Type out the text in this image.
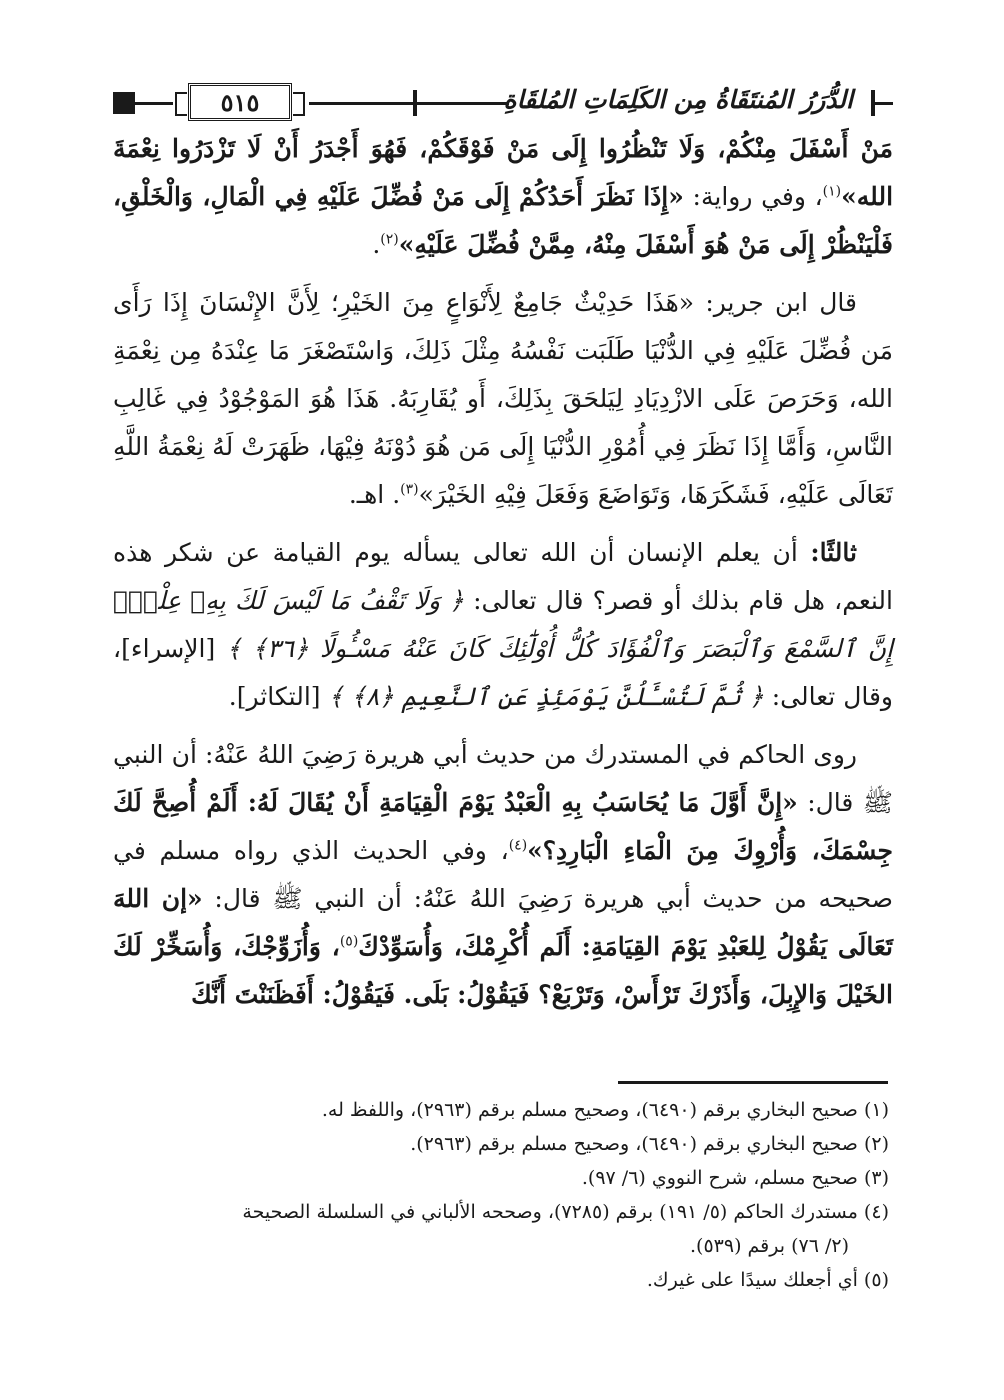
٥١٥	الدُّرَرُ المُنتَقَاةُ مِن الكَلِمَاتِ المُلقَاةِ

مَنْ أَسْفَلَ مِنْكُمْ، وَلَا تَنْظُرُوا إِلَى مَنْ فَوْقَكُمْ، فَهُوَ أَجْدَرُ أَنْ لَا تَزْدَرُوا نِعْمَةَ الله»$^{(١)}$، وفي رواية: «إِذَا نَظَرَ أَحَدُكُمْ إِلَى مَنْ فُضِّلَ عَلَيْهِ فِي الْمَالِ، وَالْخَلْقِ، فَلْيَنْظُرْ إِلَى مَنْ هُوَ أَسْفَلَ مِنْهُ، مِمَّنْ فُضِّلَ عَلَيْهِ»$^{(٢)}$.

قال ابن جرير: «هَذَا حَدِيْثٌ جَامِعٌ لِأَنْوَاعٍ مِنَ الخَيْرِ؛ لِأَنَّ الإِنْسَانَ إِذَا رَأَى مَن فُضِّلَ عَلَيْهِ فِي الدُّنْيَا طَلَبَت نَفْسُهُ مِثْلَ ذَلِكَ، وَاسْتَصْغَرَ مَا عِنْدَهُ مِن نِعْمَةِ الله، وَحَرَصَ عَلَى الازْدِيَادِ لِيَلحَقَ بِذَلِكَ، أَو يُقَارِبَهُ. هَذَا هُوَ المَوْجُوْدُ فِي غَالِبِ النَّاسِ، وَأَمَّا إِذَا نَظَرَ فِي أُمُوْرِ الدُّنْيَا إِلَى مَن هُوَ دُوْنَهُ فِيْهَا، ظَهَرَتْ لَهُ نِعْمَةُ اللَّهِ تَعَالَى عَلَيْهِ، فَشَكَرَهَا، وَتَوَاضَعَ وَفَعَلَ فِيْهِ الخَيْرَ»$^{(٣)}$. اهـ.

ثالثًا: أن يعلم الإنسان أن الله تعالى يسأله يوم القيامة عن شكر هذه النعم، هل قام بذلك أو قصر؟ قال تعالى: ﴿ وَلَا تَقْفُ مَا لَيْسَ لَكَ بِهِۦ عِلْمٌۚ إِنَّ ٱلسَّمْعَ وَٱلْبَصَرَ وَٱلْفُؤَادَ كُلُّ أُوْلَٰٓئِكَ كَانَ عَنْهُ مَسْـُٔولًا ﴿٣٦﴾ ﴾ [الإسراء]، وقال تعالى: ﴿ ثُمَّ لَتُسْـَٔلُنَّ يَوْمَئِذٍ عَنِ ٱلنَّعِيمِ ﴿٨﴾ ﴾ [التكاثر].

روى الحاكم في المستدرك من حديث أبي هريرة رَضِيَ اللهُ عَنْهُ: أن النبي ﷺ قال: «إِنَّ أَوَّلَ مَا يُحَاسَبُ بِهِ الْعَبْدُ يَوْمَ الْقِيَامَةِ أَنْ يُقَالَ لَهُ: أَلَمْ أُصِحَّ لَكَ جِسْمَكَ، وَأُرْوِكَ مِنَ الْمَاءِ الْبَارِدِ؟»$^{(٤)}$، وفي الحديث الذي رواه مسلم في صحيحه من حديث أبي هريرة رَضِيَ اللهُ عَنْهُ: أن النبي ﷺ قال: «إن اللهَ تَعَالَى يَقُوْلُ لِلعَبْدِ يَوْمَ القِيَامَةِ: أَلَم أُكْرِمْكَ، وَأُسَوِّدْكَ$^{(٥)}$، وَأُزَوِّجْكَ، وَأُسَخِّرْ لَكَ الخَيْلَ وَالإِبِلَ، وَأَذَرْكَ تَرْأَسْ، وَتَرْبَعْ؟ فَيَقُوْلُ: بَلَى. فَيَقُوْلُ: أَفَظَنَنْتَ أَنَّكَ

(١) صحيح البخاري برقم (٦٤٩٠)، وصحيح مسلم برقم (٢٩٦٣)، واللفظ له.
(٢) صحيح البخاري برقم (٦٤٩٠)، وصحيح مسلم برقم (٢٩٦٣).
(٣) صحيح مسلم، شرح النووي (٦/ ٩٧).
(٤) مستدرك الحاكم (٥/ ١٩١) برقم (٧٢٨٥)، وصححه الألباني في السلسلة الصحيحة
(٢/ ٧٦) برقم (٥٣٩).
(٥) أي أجعلك سيدًا على غيرك.
